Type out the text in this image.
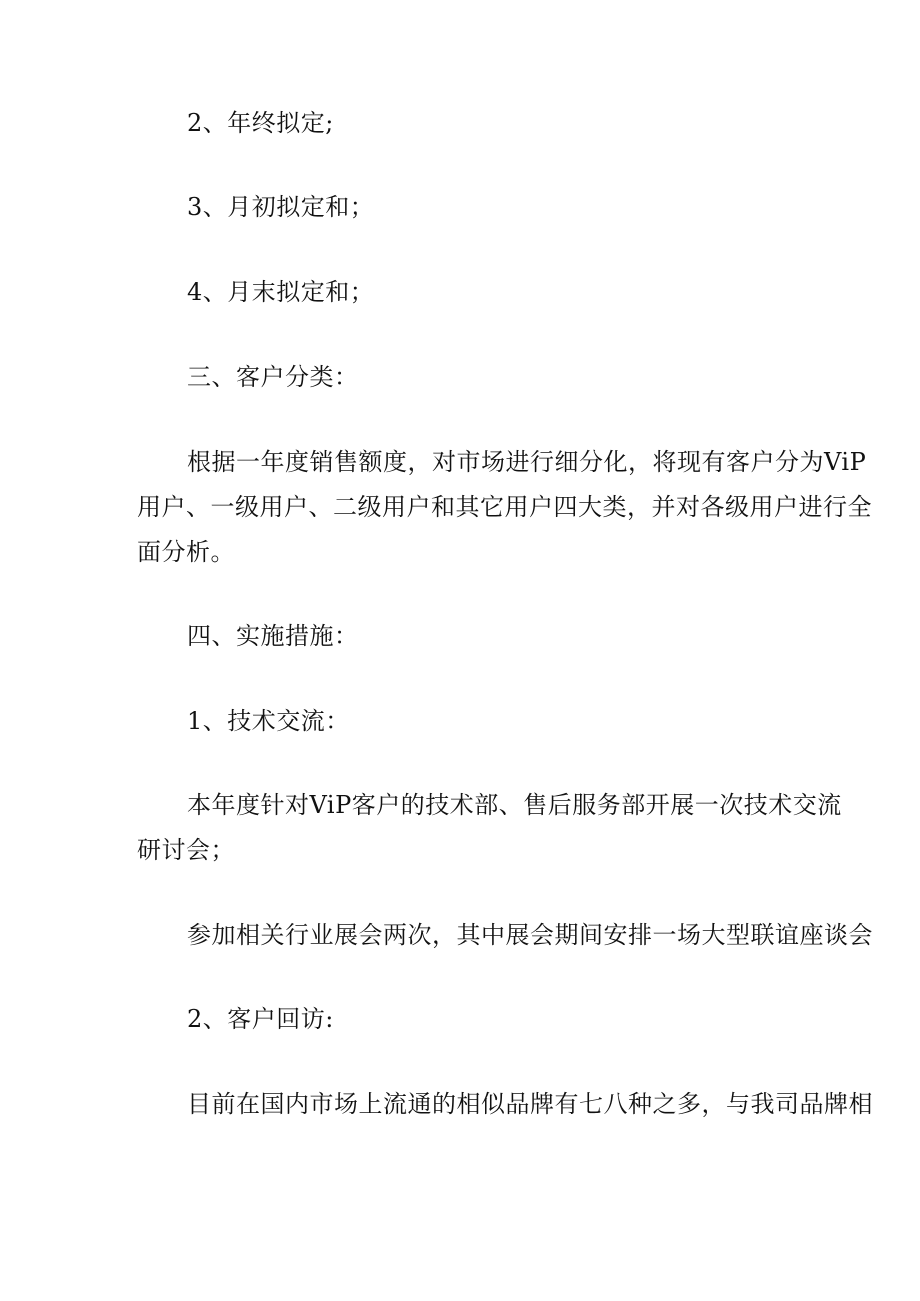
2、年终拟定;
3、月初拟定和；
4、月末拟定和；
三、客户分类：
根据一年度销售额度，对市场进行细分化，将现有客户分为ViP
用户、一级用户、二级用户和其它用户四大类，并对各级用户进行全
面分析。
四、实施措施：
1、技术交流：
本年度针对ViP客户的技术部、售后服务部开展一次技术交流
研讨会；
参加相关行业展会两次，其中展会期间安排一场大型联谊座谈会
2、客户回访:
目前在国内市场上流通的相似品牌有七八种之多，与我司品牌相
